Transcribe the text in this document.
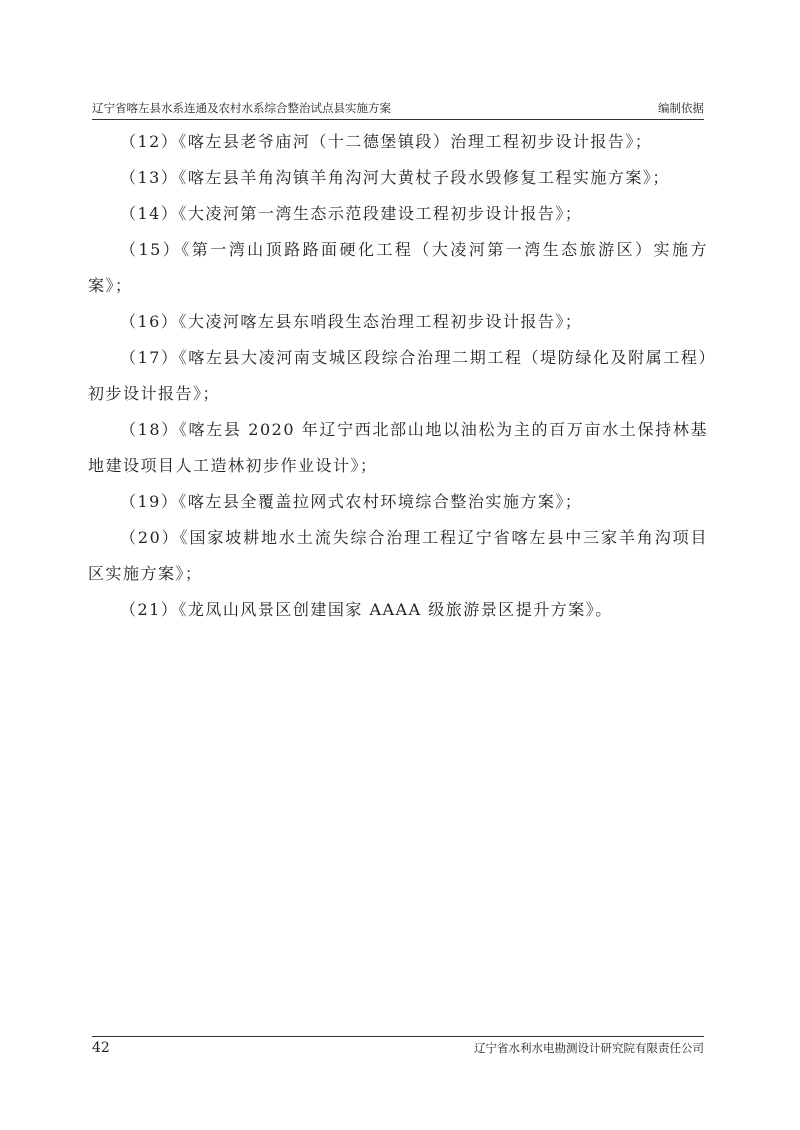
辽宁省喀左县水系连通及农村水系综合整治试点县实施方案	编制依据

（12）《喀左县老爷庙河（十二德堡镇段）治理工程初步设计报告》；

（13）《喀左县羊角沟镇羊角沟河大黄杖子段水毁修复工程实施方案》；

（14）《大凌河第一湾生态示范段建设工程初步设计报告》；

（15）《第一湾山顶路路面硬化工程（大凌河第一湾生态旅游区）实施方案》；

（16）《大凌河喀左县东哨段生态治理工程初步设计报告》；

（17）《喀左县大凌河南支城区段综合治理二期工程（堤防绿化及附属工程）初步设计报告》；

（18）《喀左县 2020 年辽宁西北部山地以油松为主的百万亩水土保持林基地建设项目人工造林初步作业设计》；

（19）《喀左县全覆盖拉网式农村环境综合整治实施方案》；

（20）《国家坡耕地水土流失综合治理工程辽宁省喀左县中三家羊角沟项目区实施方案》；

（21）《龙凤山风景区创建国家 AAAA 级旅游景区提升方案》。

42	辽宁省水利水电勘测设计研究院有限责任公司
